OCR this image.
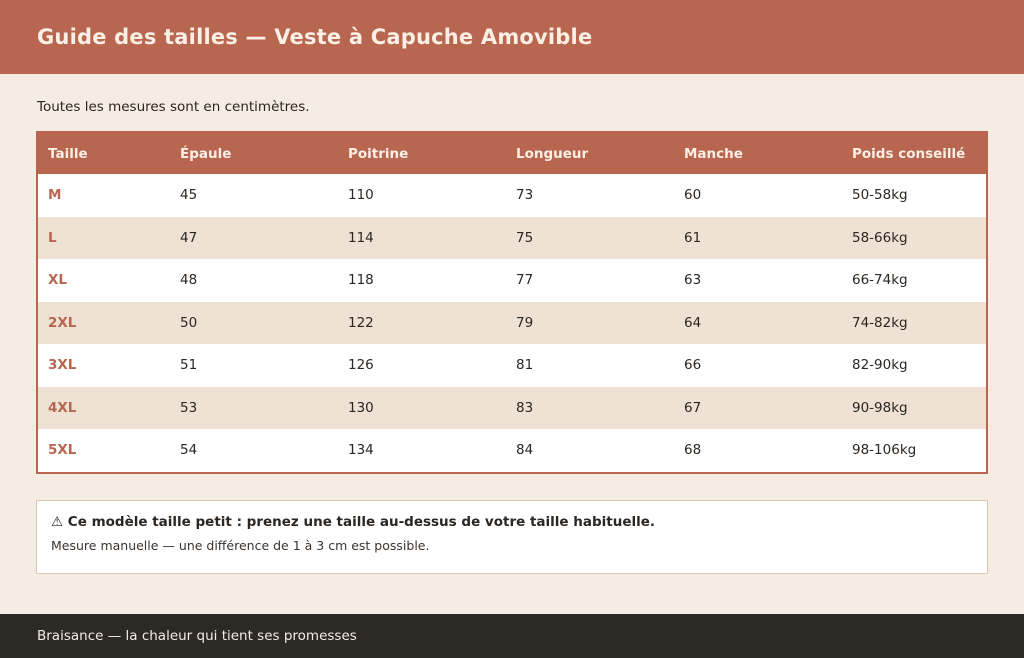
Guide des tailles — Veste à Capuche Amovible
Toutes les mesures sont en centimètres.
Taille	Épaule	Poitrine	Longueur	Manche	Poids conseillé
M	45	110	73	60	50-58kg
L	47	114	75	61	58-66kg
XL	48	118	77	63	66-74kg
2XL	50	122	79	64	74-82kg
3XL	51	126	81	66	82-90kg
4XL	53	130	83	67	90-98kg
5XL	54	134	84	68	98-106kg
⚠ Ce modèle taille petit : prenez une taille au-dessus de votre taille habituelle.
Mesure manuelle — une différence de 1 à 3 cm est possible.
Braisance — la chaleur qui tient ses promesses
